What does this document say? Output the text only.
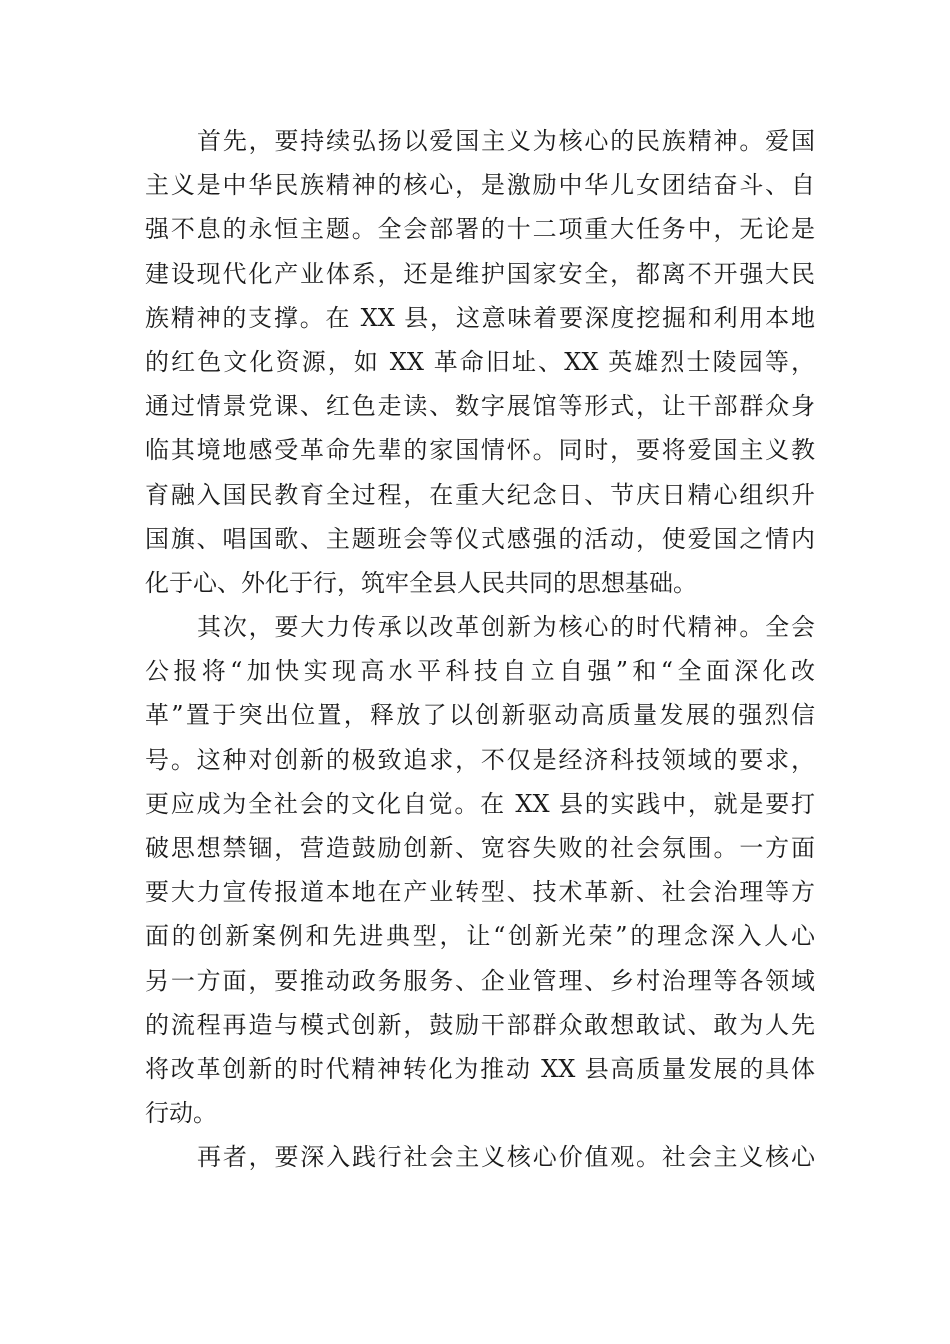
首先，要持续弘扬以爱国主义为核心的民族精神。爱国
主义是中华民族精神的核心，是激励中华儿女团结奋斗、自
强不息的永恒主题。全会部署的十二项重大任务中，无论是
建设现代化产业体系，还是维护国家安全，都离不开强大民
族精神的支撑。在 XX 县，这意味着要深度挖掘和利用本地
的红色文化资源，如 XX 革命旧址、XX 英雄烈士陵园等，
通过情景党课、红色走读、数字展馆等形式，让干部群众身
临其境地感受革命先辈的家国情怀。同时，要将爱国主义教
育融入国民教育全过程，在重大纪念日、节庆日精心组织升
国旗、唱国歌、主题班会等仪式感强的活动，使爱国之情内
化于心、外化于行，筑牢全县人民共同的思想基础。
其次，要大力传承以改革创新为核心的时代精神。全会
公报将“加快实现高水平科技自立自强”和“全面深化改
革”置于突出位置，释放了以创新驱动高质量发展的强烈信
号。这种对创新的极致追求，不仅是经济科技领域的要求，
更应成为全社会的文化自觉。在 XX 县的实践中，就是要打
破思想禁锢，营造鼓励创新、宽容失败的社会氛围。一方面
要大力宣传报道本地在产业转型、技术革新、社会治理等方
面的创新案例和先进典型，让“创新光荣”的理念深入人心
另一方面，要推动政务服务、企业管理、乡村治理等各领域
的流程再造与模式创新，鼓励干部群众敢想敢试、敢为人先
将改革创新的时代精神转化为推动 XX 县高质量发展的具体
行动。
再者，要深入践行社会主义核心价值观。社会主义核心
